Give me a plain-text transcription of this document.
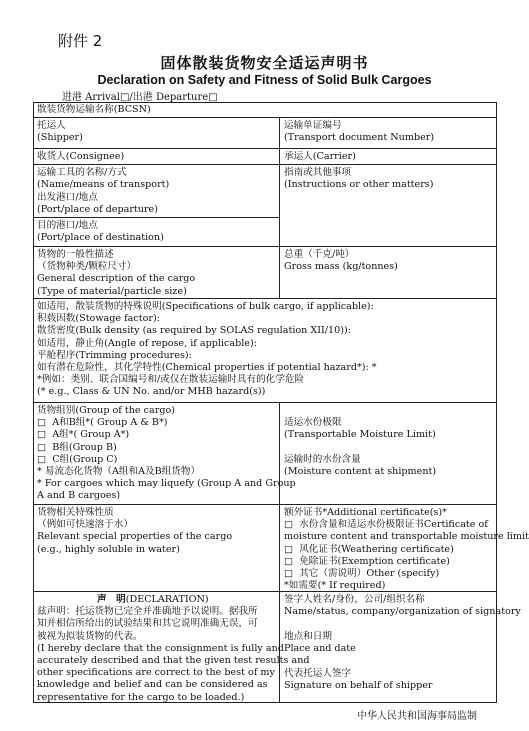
附件 2
固体散装货物安全适运声明书
Declaration on Safety and Fitness of Solid Bulk Cargoes
进港 Arrival□/出港 Departure□
散装货物运输名称(BCSN)
托运人
(Shipper)
运输单证编号
(Transport document Number)
收货人(Consignee)	承运人(Carrier)
运输工具的名称/方式
(Name/means of transport)
出发港口/地点
(Port/place of departure)
指南或其他事项
(Instructions or other matters)
目的港口/地点
(Port/place of destination)
货物的一般性描述
（货物种类/颗粒尺寸）
General description of the cargo
(Type of material/particle size)
总重（千克/吨）
Gross mass (kg/tonnes)
如适用，散装货物的特殊说明(Specifications of bulk cargo, if applicable):
积载因数(Stowage factor):
散货密度(Bulk density (as required by SOLAS regulation XII/10)):
如适用，静止角(Angle of repose, if applicable):
平舱程序(Trimming procedures):
如有潜在危险性，其化学特性(Chemical properties if potential hazard*): *
*例如：类别、联合国编号和/或仅在散装运输时具有的化学危险
(* e.g., Class & UN No. and/or MHB hazard(s))
货物组别(Group of the cargo)
□ A和B组*( Group A & B*)
□ A组*( Group A*)
□ B组(Group B)
□ C组(Group C)
* 易流态化货物（A组和A及B组货物）
* For cargoes which may liquefy (Group A and Group
A and B cargoes)
适运水份极限
(Transportable Moisture Limit)
运输时的水份含量
(Moisture content at shipment)
货物相关特殊性质
（例如可快速溶于水）
Relevant special properties of the cargo
(e.g., highly soluble in water)
额外证书*Additional certificate(s)*
□ 水份含量和适运水份极限证书Certificate of
moisture content and transportable moisture limit
□ 风化证书(Weathering certificate)
□ 免除证书(Exemption certificate)
□ 其它（需说明）Other (specify)
*如需要(* If required)
声　明(DECLARATION)
兹声明：托运货物已完全并准确地予以说明。据我所
知并相信所给出的试验结果和其它说明准确无误，可
被视为拟装货物的代表。
(I hereby declare that the consignment is fully and
accurately described and that the given test results and
other specifications are correct to the best of my
knowledge and belief and can be considered as
representative for the cargo to be loaded.)
签字人姓名/身份，公司/组织名称
Name/status, company/organization of signatory
地点和日期
Place and date
代表托运人签字
Signature on behalf of shipper
中华人民共和国海事局监制
